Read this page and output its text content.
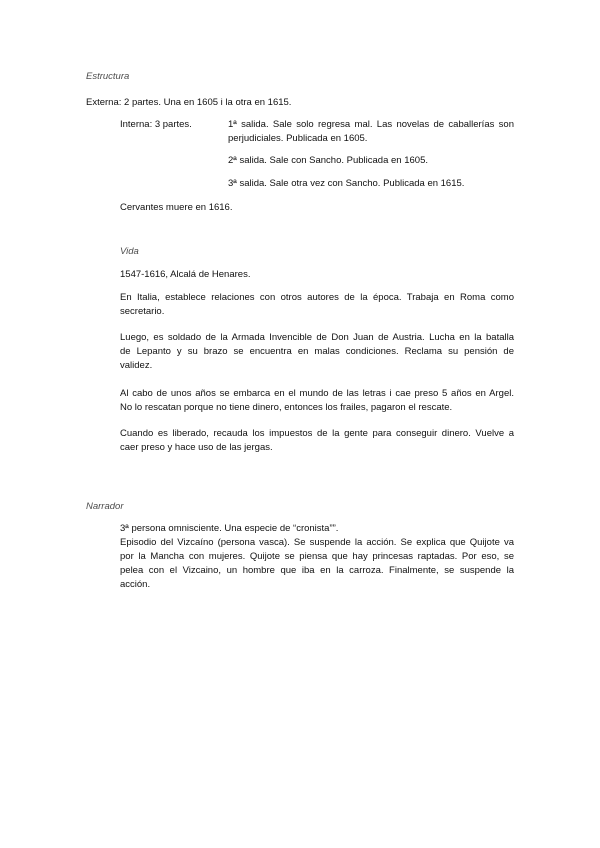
Estructura

Externa: 2 partes. Una en 1605 i la otra en 1615.

Interna: 3 partes.	1ª salida. Sale solo regresa mal. Las novelas de caballerías son

perjudiciales. Publicada en 1605.

2ª salida. Sale con Sancho. Publicada en 1605.

3ª salida. Sale otra vez con Sancho. Publicada en 1615.

Cervantes muere en 1616.

Vida

1547-1616, Alcalá de Henares.

En Italia, establece relaciones con otros autores de la época. Trabaja en Roma como

secretario.

Luego, es soldado de la Armada Invencible de Don Juan de Austria. Lucha en la batalla

de Lepanto y su brazo se encuentra en malas condiciones. Reclama su pensión de

validez.

Al cabo de unos años se embarca en el mundo de las letras i cae preso 5 años en Argel.

No lo rescatan porque no tiene dinero, entonces los frailes, pagaron el rescate.

Cuando es liberado, recauda los impuestos de la gente para conseguir dinero. Vuelve a

caer preso y hace uso de las jergas.

Narrador

3ª persona omnisciente. Una especie de “cronista””.

Episodio del Vizcaíno (persona vasca). Se suspende la acción. Se explica que Quijote va

por la Mancha con mujeres. Quijote se piensa que hay princesas raptadas. Por eso, se

pelea con el Vizcaino, un hombre que iba en la carroza. Finalmente, se suspende la

acción.
